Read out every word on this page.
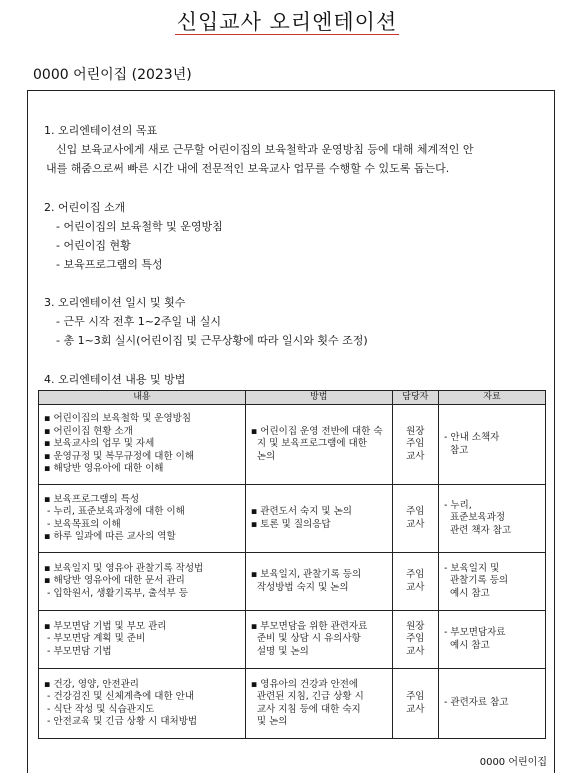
신입교사 오리엔테이션
0000 어린이집 (2023년)
1. 오리엔테이션의 목표
신입 보육교사에게 새로 근무할 어린이집의 보육철학과 운영방침 등에 대해 체계적인 안
내를 해줌으로써 빠른 시간 내에 전문적인 보육교사 업무를 수행할 수 있도록 돕는다.
2. 어린이집 소개
- 어린이집의 보육철학 및 운영방침
- 어린이집 현황
- 보육프로그램의 특성
3. 오리엔테이션 일시 및 횟수
- 근무 시작 전후 1~2주일 내 실시
- 총 1~3회 실시(어린이집 및 근무상황에 따라 일시와 횟수 조정)
4. 오리엔테이션 내용 및 방법
내용	방법	담당자	자료

▪ 어린이집의 보육철학 및 운영방침
▪ 어린이집 현황 소개
▪ 보육교사의 업무 및 자세
▪ 운영규정 및 복무규정에 대한 이해
▪ 해당반 영유아에 대한 이해	▪ 어린이집 운영 전반에 대한 숙
지 및 보육프로그램에 대한
논의	원장
주임
교사	- 안내 소책자
참고

▪ 보육프로그램의 특성
- 누리, 표준보육과정에 대한 이해
- 보육목표의 이해
▪ 하루 일과에 따른 교사의 역할	▪ 관련도서 숙지 및 논의
▪ 토론 및 질의응답	주임
교사	- 누리,
표준보육과정
관련 책자 참고

▪ 보육일지 및 영유아 관찰기록 작성법
▪ 해당반 영유아에 대한 문서 관리
- 입학원서, 생활기록부, 출석부 등	▪ 보육일지, 관찰기록 등의
작성방법 숙지 및 논의	주임
교사	- 보육일지 및
관찰기록 등의
예시 참고

▪ 부모면담 기법 및 부모 관리
- 부모면담 계획 및 준비
- 부모면담 기법	▪ 부모면담을 위한 관련자료
준비 및 상담 시 유의사항
설명 및 논의	원장
주임
교사	- 부모면담자료
예시 참고

▪ 건강, 영양, 안전관리
- 건강검진 및 신체계측에 대한 안내
- 식단 작성 및 식습관지도
- 안전교육 및 긴급 상황 시 대처방법	▪ 영유아의 건강과 안전에
관련된 지침, 긴급 상황 시
교사 지침 등에 대한 숙지
및 논의	주임
교사	- 관련자료 참고
0000 어린이집
